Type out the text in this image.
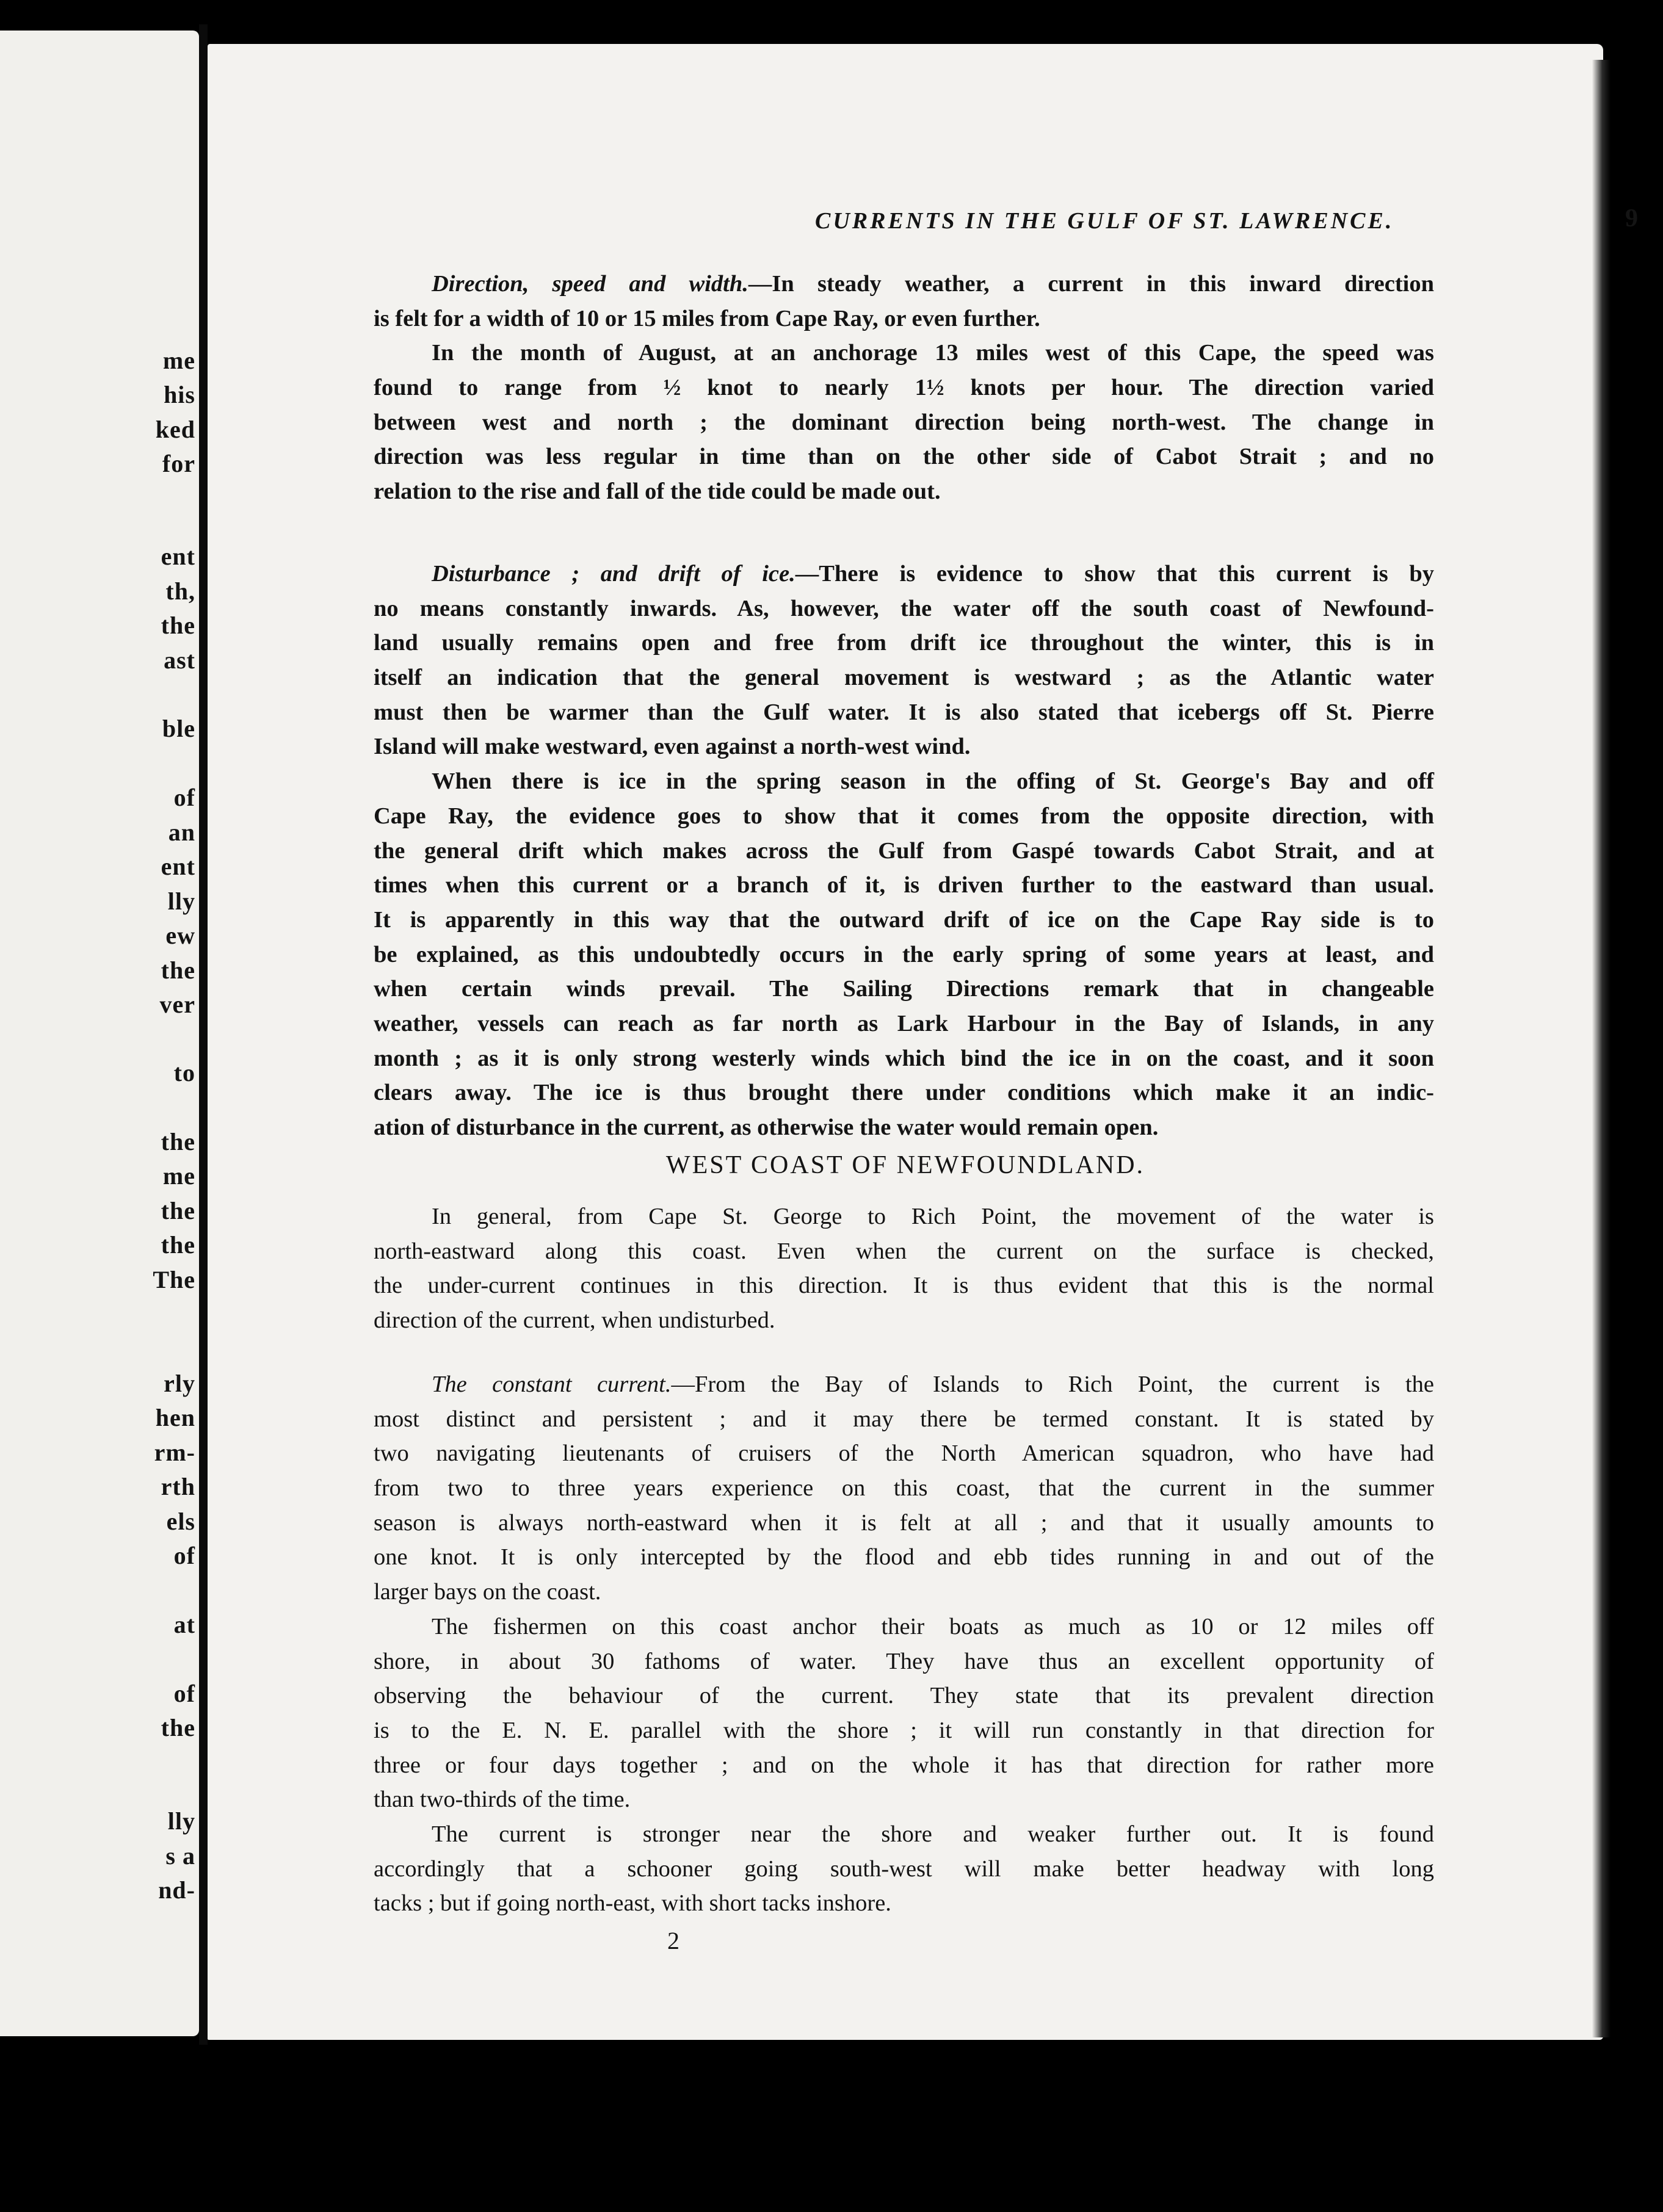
me
his
ked
for
ent
th,
the
ast
ble
of
an
ent
lly
ew
the
ver
to
the
me
the
the
The
rly
hen
rm-
rth
els
of
at
of
the
lly
s a
nd-
CURRENTS IN THE GULF OF ST. LAWRENCE.	9
Direction, speed and width.—In steady weather, a current in this inward direction
is felt for a width of 10 or 15 miles from Cape Ray, or even further.
In the month of August, at an anchorage 13 miles west of this Cape, the speed was
found to range from ½ knot to nearly 1½ knots per hour. The direction varied
between west and north ; the dominant direction being north-west. The change in
direction was less regular in time than on the other side of Cabot Strait ; and no
relation to the rise and fall of the tide could be made out.
Disturbance ; and drift of ice.—There is evidence to show that this current is by
no means constantly inwards. As, however, the water off the south coast of Newfound-
land usually remains open and free from drift ice throughout the winter, this is in
itself an indication that the general movement is westward ; as the Atlantic water
must then be warmer than the Gulf water. It is also stated that icebergs off St. Pierre
Island will make westward, even against a north-west wind.
When there is ice in the spring season in the offing of St. George's Bay and off
Cape Ray, the evidence goes to show that it comes from the opposite direction, with
the general drift which makes across the Gulf from Gaspé towards Cabot Strait, and at
times when this current or a branch of it, is driven further to the eastward than usual.
It is apparently in this way that the outward drift of ice on the Cape Ray side is to
be explained, as this undoubtedly occurs in the early spring of some years at least, and
when certain winds prevail. The Sailing Directions remark that in changeable
weather, vessels can reach as far north as Lark Harbour in the Bay of Islands, in any
month ; as it is only strong westerly winds which bind the ice in on the coast, and it soon
clears away. The ice is thus brought there under conditions which make it an indic-
ation of disturbance in the current, as otherwise the water would remain open.
WEST COAST OF NEWFOUNDLAND.
In general, from Cape St. George to Rich Point, the movement of the water is
north-eastward along this coast. Even when the current on the surface is checked,
the under-current continues in this direction. It is thus evident that this is the normal
direction of the current, when undisturbed.
The constant current.—From the Bay of Islands to Rich Point, the current is the
most distinct and persistent ; and it may there be termed constant. It is stated by
two navigating lieutenants of cruisers of the North American squadron, who have had
from two to three years experience on this coast, that the current in the summer
season is always north-eastward when it is felt at all ; and that it usually amounts to
one knot. It is only intercepted by the flood and ebb tides running in and out of the
larger bays on the coast.
The fishermen on this coast anchor their boats as much as 10 or 12 miles off
shore, in about 30 fathoms of water. They have thus an excellent opportunity of
observing the behaviour of the current. They state that its prevalent direction
is to the E. N. E. parallel with the shore ; it will run constantly in that direction for
three or four days together ; and on the whole it has that direction for rather more
than two-thirds of the time.
The current is stronger near the shore and weaker further out. It is found
accordingly that a schooner going south-west will make better headway with long
tacks ; but if going north-east, with short tacks inshore.
2
